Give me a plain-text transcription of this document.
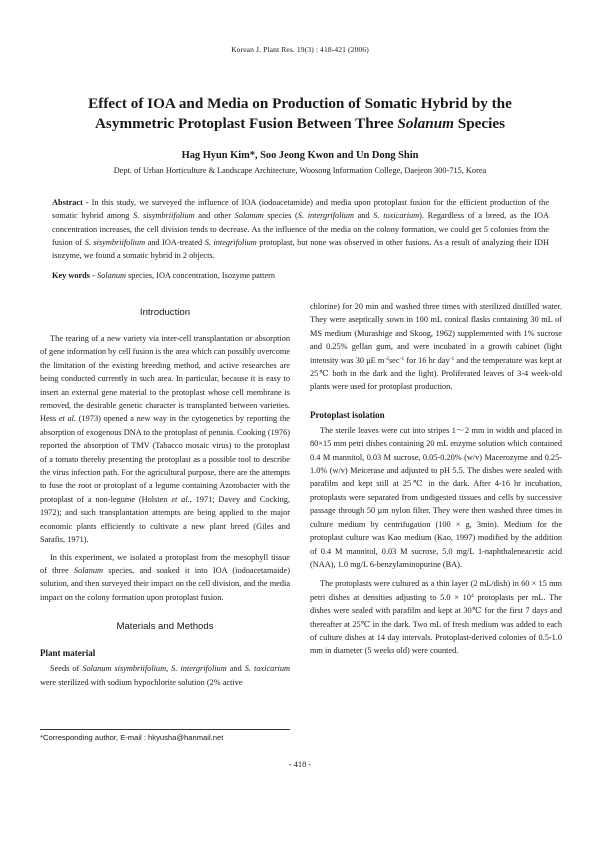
Korean J. Plant Res. 19(3) : 418-421 (2006)
Effect of IOA and Media on Production of Somatic Hybrid by the
Asymmetric Protoplast Fusion Between Three Solanum Species
Hag Hyun Kim*, Soo Jeong Kwon and Un Dong Shin
Dept. of Urban Horticulture & Landscape Architecture, Woosong Information College, Daejeon 300-715, Korea
Abstract - In this study, we surveyed the influence of IOA (iodoacetamide) and media upon protoplast fusion for the efficient production of the somatic hybrid among S. sisymbriifolium and other Solanum species (S. intergrifolium and S. toxicarium). Regardless of a breed, as the IOA concentration increases, the cell division tends to decrease. As the influence of the media on the colony formation, we could get 5 colonies from the fusion of S. sisymbriifolium and IOA-treated S. integrifolium protoplast, but none was observed in other fusions. As a result of analyzing their IDH isozyme, we found a somatic hybrid in 2 objects.
Key words - Solanum species, IOA concentration, Isozyme pattern
Introduction

The rearing of a new variety via inter-cell transplantation or absorption of gene information by cell fusion is the area which can possibly overcome the limitation of the existing breeding method, and active researches are being conducted currently in such area. In particular, because it is easy to insert an external gene material to the protoplast whose cell membrane is removed, the desirable genetic character is transplanted between varieties. Hess et al. (1973) opened a new way in the cytogenetics by reporting the absorption of exogenous DNA to the protoplast of petunia. Cooking (1976) reported the absorption of TMV (Tabacco mosaic virus) to the protoplast of a tomato thereby presenting the protoplast as a possible tool to describe the virus infection path. For the agricultural purpose, there are the attempts to fuse the root or protoplast of a legume containing Azotobacter with the protoplast of a non-legume (Holsten et al., 1971; Davey and Cocking, 1972); and such transplantation attempts are being applied to the major economic plants efficiently to cultivate a new plant breed (Giles and Sarafis, 1971).

In this experiment, we isolated a protoplast from the mesophyll tissue of three Solanum species, and soaked it into IOA (iodoacetamaide) solution, and then surveyed their impact on the cell division, and the media impact on the colony formation upon protoplast fusion.

Materials and Methods
Plant material

Seeds of Solanum sisymbriifolium, S. intergrifolium and S. toxicarium were sterilized with sodium hypochlorite solution (2% active

chlorine) for 20 min and washed three times with sterilized distilled water. They were aseptically sown in 100 mL conical flasks containing 30 mL of MS medium (Murashige and Skoog, 1962) supplemented with 1% sucrose and 0.25% gellan gum, and were incubated in a growth cabinet (light intensity was 30 μE $m^{-2}\sec^{-1}$ for 16 hr day$^{-1}$ and the temperature was kept at 25℃ both in the dark and the light). Proliferated leaves of 3-4 week-old plants were used for protoplast production.

Protoplast isolation

The sterile leaves were cut into stripes 1～2 mm in width and placed in 80×15 mm petri dishes containing 20 mL enzyme solution which contained 0.4 M mannitol, 0.03 M sucrose, 0.05-0.20% (w/v) Macerozyme and 0.25-1.0% (w/v) Meicerase and adjusted to pH 5.5. The dishes were sealed with parafilm and kept still at 25℃ in the dark. After 4-16 hr incubation, protoplasts were separated from undigested tissues and cells by successive passage through 50 μm nylon filter. They were then washed three times in culture medium by centrifugation (100 × g, 3min). Medium for the protoplast culture was Kao medium (Kao, 1997) modified by the addition of 0.4 M mannitol, 0.03 M sucrose, 5.0 mg/L 1-naphthaleneacetic acid (NAA), 1.0 mg/L 6-benzylaminopurine (BA).

The protoplasts were cultured as a thin layer (2 mL/dish) in 60 × 15 mm petri dishes at densities adjusting to $5.0 \times 10^4$ protoplasts per mL. The dishes were sealed with parafilm and kept at 30℃ for the first 7 days and thereafter at 25℃ in the dark. Two mL of fresh medium was added to each of culture dishes at 14 day intervals. Protoplast-derived colonies of 0.5-1.0 mm in diameter (5 weeks old) were counted.

*Corresponding author, E-mail : hkyusha@hanmail.net
- 418 -
